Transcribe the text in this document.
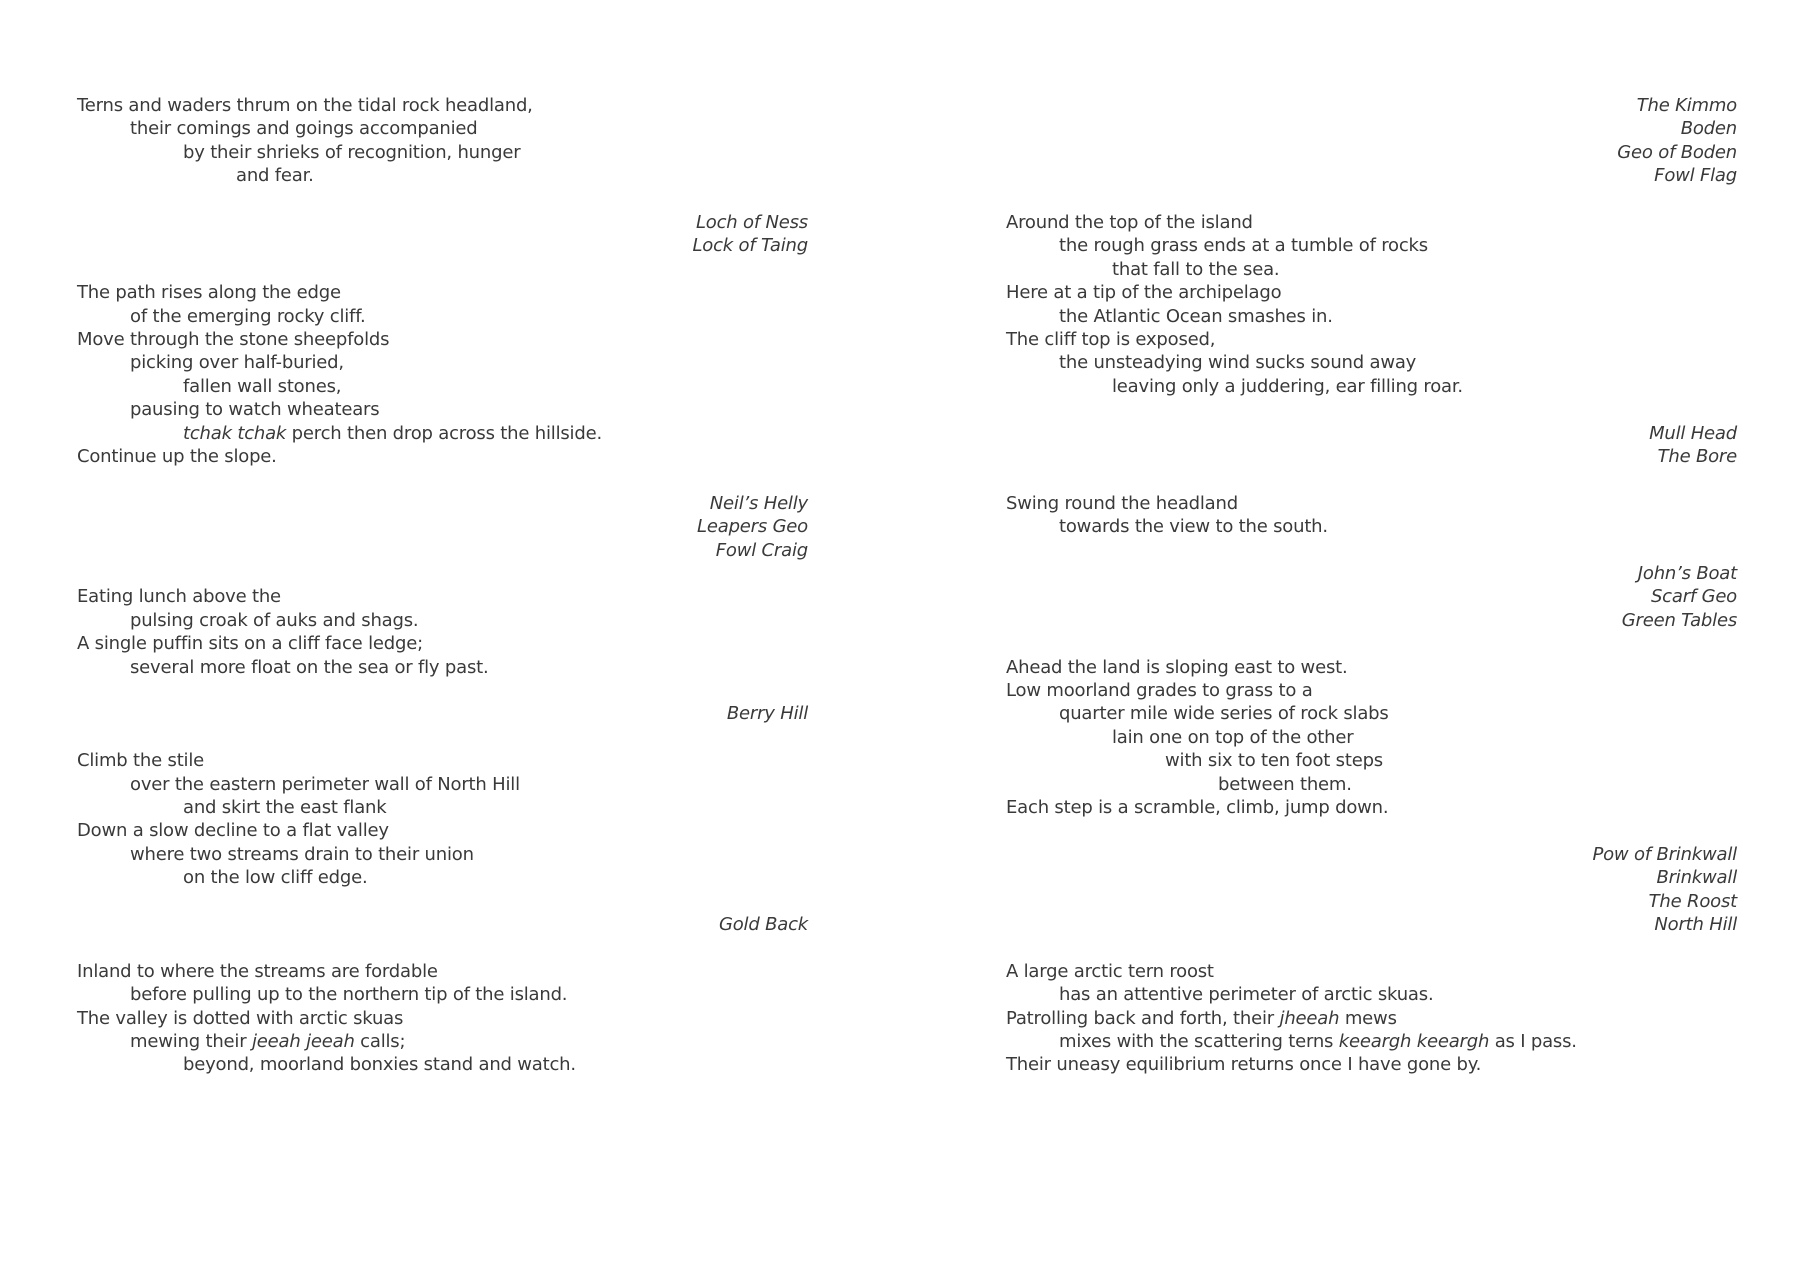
Terns and waders thrum on the tidal rock headland,
their comings and goings accompanied
by their shrieks of recognition, hunger
and fear.
Loch of Ness
Lock of Taing
The path rises along the edge
of the emerging rocky cliff.
Move through the stone sheepfolds
picking over half-buried,
fallen wall stones,
pausing to watch wheatears
tchak tchak perch then drop across the hillside.
Continue up the slope.
Neil’s Helly
Leapers Geo
Fowl Craig
Eating lunch above the
pulsing croak of auks and shags.
A single puffin sits on a cliff face ledge;
several more float on the sea or fly past.
Berry Hill
Climb the stile
over the eastern perimeter wall of North Hill
and skirt the east flank
Down a slow decline to a flat valley
where two streams drain to their union
on the low cliff edge.
Gold Back
Inland to where the streams are fordable
before pulling up to the northern tip of the island.
The valley is dotted with arctic skuas
mewing their jeeah jeeah calls;
beyond, moorland bonxies stand and watch.
The Kimmo
Boden
Geo of Boden
Fowl Flag
Around the top of the island
the rough grass ends at a tumble of rocks
that fall to the sea.
Here at a tip of the archipelago
the Atlantic Ocean smashes in.
The cliff top is exposed,
the unsteadying wind sucks sound away
leaving only a juddering, ear filling roar.
Mull Head
The Bore
Swing round the headland
towards the view to the south.
John’s Boat
Scarf Geo
Green Tables
Ahead the land is sloping east to west.
Low moorland grades to grass to a
quarter mile wide series of rock slabs
lain one on top of the other
with six to ten foot steps
between them.
Each step is a scramble, climb, jump down.
Pow of Brinkwall
Brinkwall
The Roost
North Hill
A large arctic tern roost
has an attentive perimeter of arctic skuas.
Patrolling back and forth, their jheeah mews
mixes with the scattering terns keeargh keeargh as I pass.
Their uneasy equilibrium returns once I have gone by.
